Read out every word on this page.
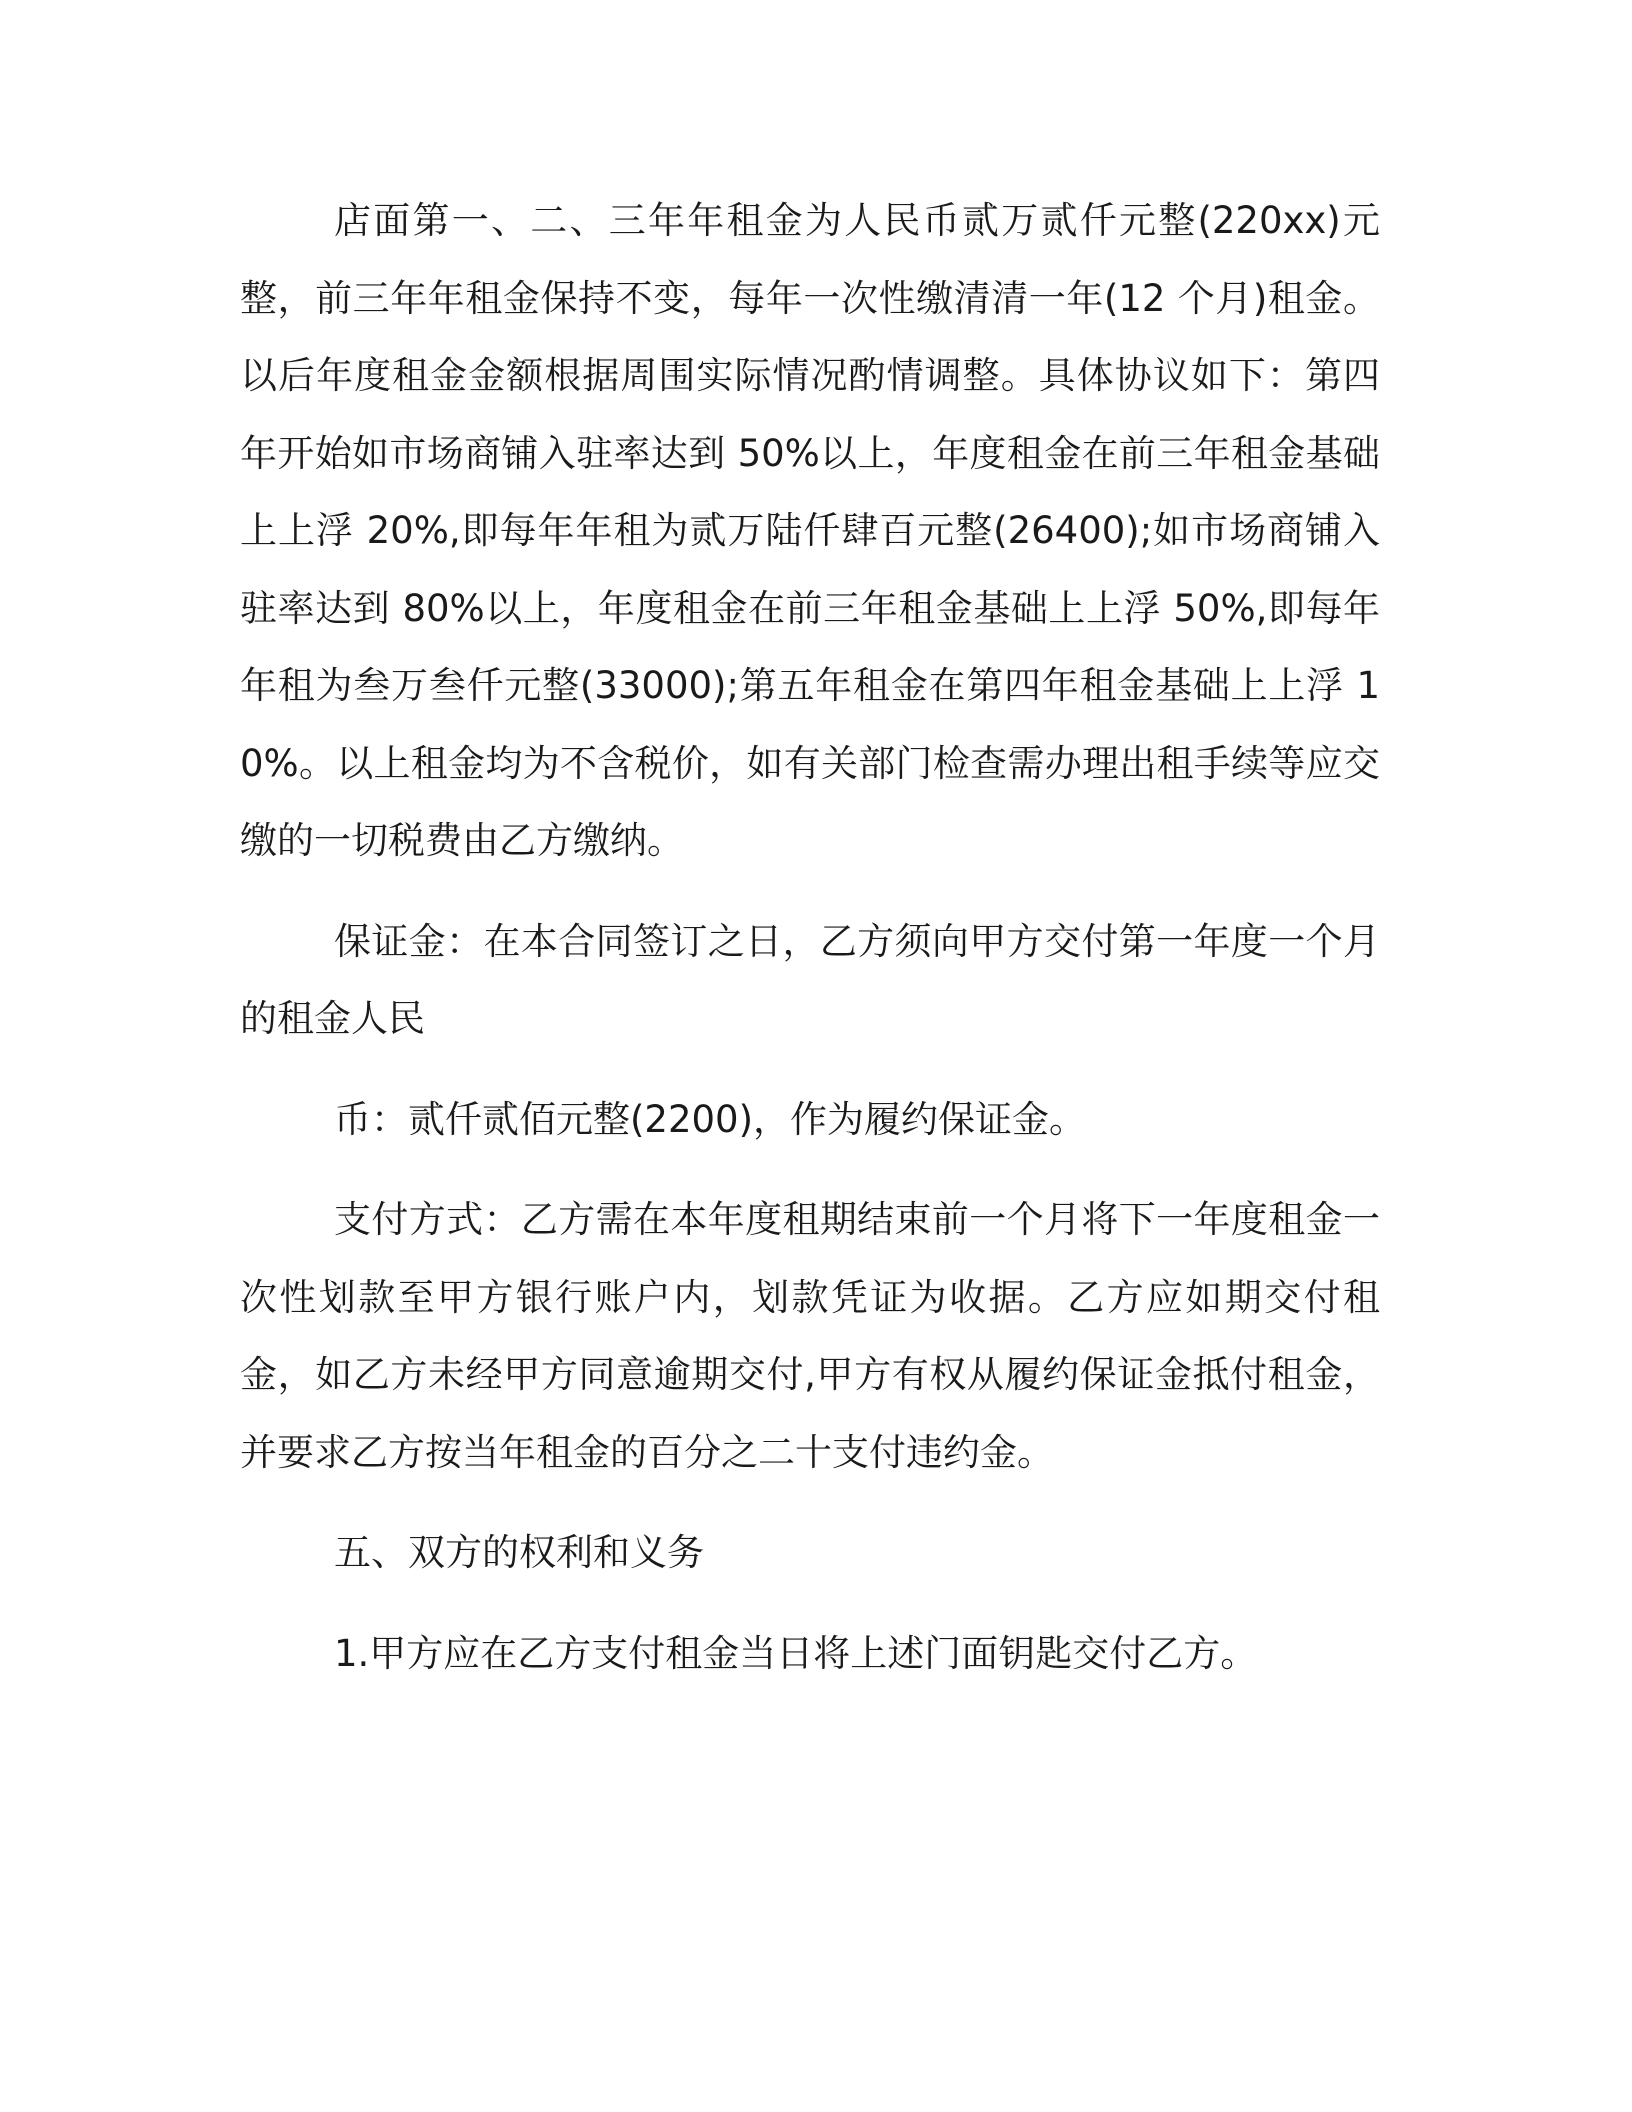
店面第一、二、三年年租金为人民币贰万贰仟元整(220xx)元整，前三年年租金保持不变，每年一次性缴清清一年(12 个月)租金。以后年度租金金额根据周围实际情况酌情调整。具体协议如下：第四年开始如市场商铺入驻率达到 50%以上，年度租金在前三年租金基础上上浮 20%,即每年年租为贰万陆仟肆百元整(26400);如市场商铺入驻率达到 80%以上，年度租金在前三年租金基础上上浮 50%,即每年年租为叁万叁仟元整(33000);第五年租金在第四年租金基础上上浮 10%。以上租金均为不含税价，如有关部门检查需办理出租手续等应交缴的一切税费由乙方缴纳。

保证金：在本合同签订之日，乙方须向甲方交付第一年度一个月的租金人民

币：贰仟贰佰元整(2200)，作为履约保证金。

支付方式：乙方需在本年度租期结束前一个月将下一年度租金一次性划款至甲方银行账户内，划款凭证为收据。乙方应如期交付租金，如乙方未经甲方同意逾期交付,甲方有权从履约保证金抵付租金，并要求乙方按当年租金的百分之二十支付违约金。

五、双方的权利和义务

1.甲方应在乙方支付租金当日将上述门面钥匙交付乙方。
